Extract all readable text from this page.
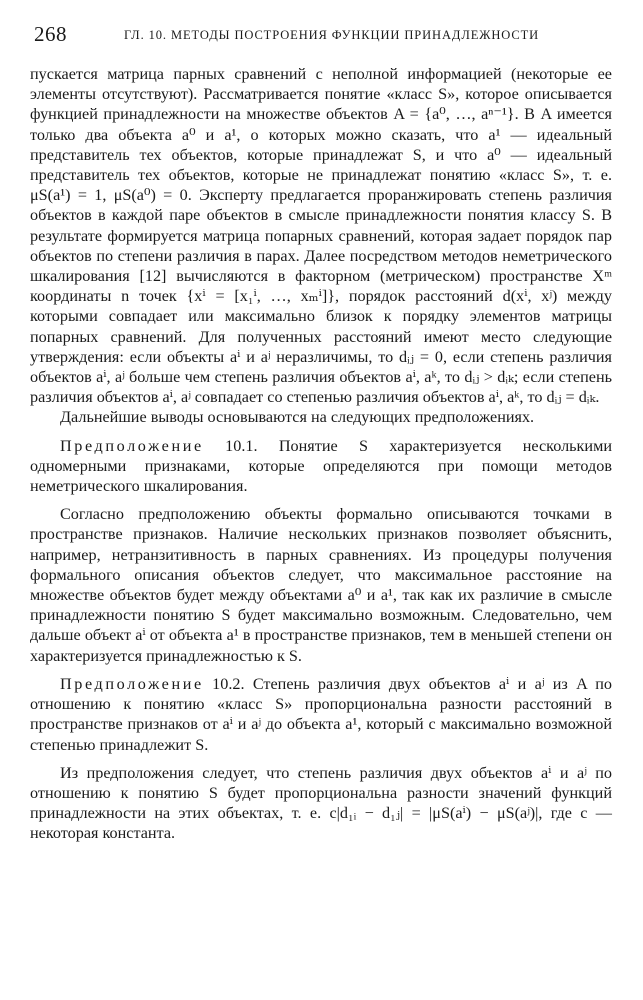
268	ГЛ. 10. МЕТОДЫ ПОСТРОЕНИЯ ФУНКЦИИ ПРИНАДЛЕЖНОСТИ

пускается матрица парных сравнений с неполной информацией (некоторые ее элементы отсутствуют). Рассматривается понятие «класс S», которое описывается функцией принадлежности на множестве объектов A = {a⁰, …, aⁿ⁻¹}. В A имеется только два объекта a⁰ и a¹, о которых можно сказать, что a¹ — идеальный представитель тех объектов, которые принадлежат S, и что a⁰ — идеальный представитель тех объектов, которые не принадлежат понятию «класс S», т. е. μS(a¹) = 1, μS(a⁰) = 0. Эксперту предлагается проранжировать степень различия объектов в каждой паре объектов в смысле принадлежности понятия классу S. В результате формируется матрица попарных сравнений, которая задает порядок пар объектов по степени различия в парах. Далее посредством методов неметрического шкалирования [12] вычисляются в факторном (метрическом) пространстве Xᵐ координаты n точек {xⁱ = [x₁ⁱ, …, xₘⁱ]}, порядок расстояний d(xⁱ, xʲ) между которыми совпадает или максимально близок к порядку элементов матрицы попарных сравнений. Для полученных расстояний имеют место следующие утверждения: если объекты aⁱ и aʲ неразличимы, то dᵢⱼ = 0, если степень различия объектов aⁱ, aʲ больше чем степень различия объектов aⁱ, aᵏ, то dᵢⱼ > dᵢₖ; если степень различия объектов aⁱ, aʲ совпадает со степенью различия объектов aⁱ, aᵏ, то dᵢⱼ = dᵢₖ.

Дальнейшие выводы основываются на следующих предположениях.

Предположение 10.1. Понятие S характеризуется несколькими одномерными признаками, которые определяются при помощи методов неметрического шкалирования.

Согласно предположению объекты формально описываются точками в пространстве признаков. Наличие нескольких признаков позволяет объяснить, например, нетранзитивность в парных сравнениях. Из процедуры получения формального описания объектов следует, что максимальное расстояние на множестве объектов будет между объектами a⁰ и a¹, так как их различие в смысле принадлежности понятию S будет максимально возможным. Следовательно, чем дальше объект aⁱ от объекта a¹ в пространстве признаков, тем в меньшей степени он характеризуется принадлежностью к S.

Предположение 10.2. Степень различия двух объектов aⁱ и aʲ из A по отношению к понятию «класс S» пропорциональна разности расстояний в пространстве признаков от aⁱ и aʲ до объекта a¹, который с максимально возможной степенью принадлежит S.

Из предположения следует, что степень различия двух объектов aⁱ и aʲ по отношению к понятию S будет пропорциональна разности значений функций принадлежности на этих объектах, т. е. c|d₁ᵢ − d₁ⱼ| = |μS(aⁱ) − μS(aʲ)|, где c — некоторая константа.
